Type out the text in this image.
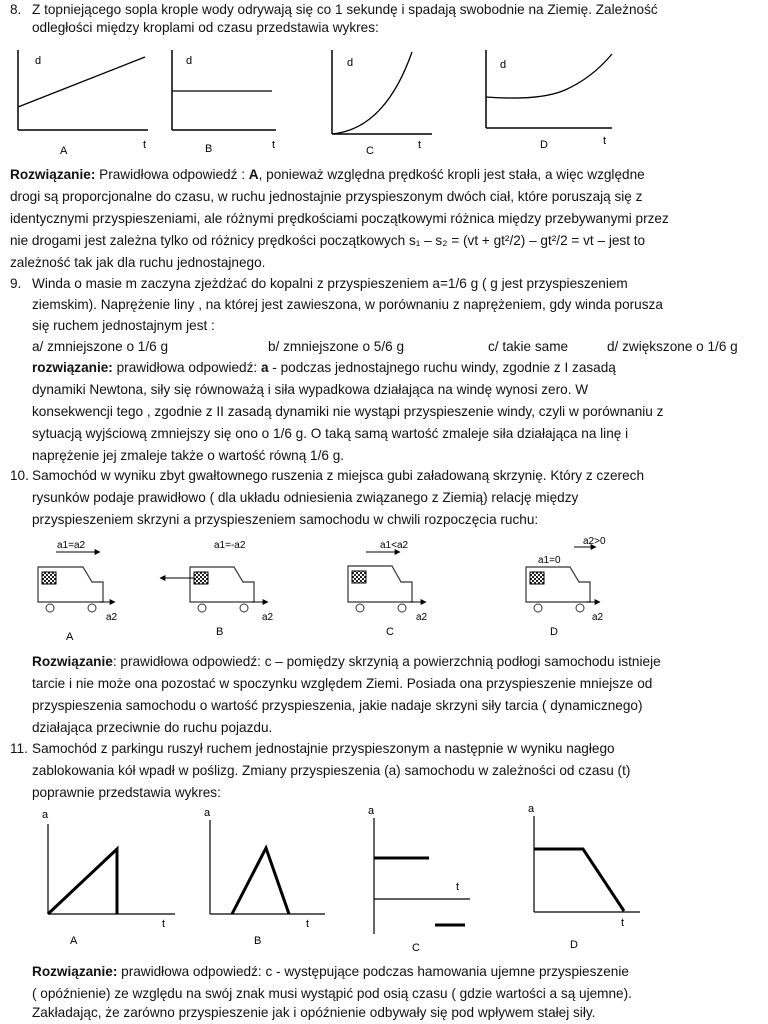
8. Z topniejącego sopla krople wody odrywają się co 1 sekundę i spadają swobodnie na Ziemię. Zależność
odległości między kroplami od czasu przedstawia wykres:
d
t
A
d
t
B
d
t
C
d
t
D
Rozwiązanie: Prawidłowa odpowiedź : A, ponieważ względna prędkość kropli jest stała, a więc względne
drogi są proporcjonalne do czasu, w ruchu jednostajnie przyspieszonym dwóch ciał, które poruszają się z
identycznymi przyspieszeniami, ale różnymi prędkościami początkowymi różnica między przebywanymi przez
nie drogami jest zależna tylko od różnicy prędkości początkowych s₁ – s₂ = (vt + gt²/2) – gt²/2 = vt – jest to
zależność tak jak dla ruchu jednostajnego.
9. Winda o masie m zaczyna zjeżdżać do kopalni z przyspieszeniem a=1/6 g ( g jest przyspieszeniem
ziemskim). Naprężenie liny , na której jest zawieszona, w porównaniu z naprężeniem, gdy winda porusza
się ruchem jednostajnym jest :
a/ zmniejszone o 1/6 g	b/ zmniejszone o 5/6 g	c/ takie same	d/ zwiększone o 1/6 g
rozwiązanie: prawidłowa odpowiedź: a - podczas jednostajnego ruchu windy, zgodnie z I zasadą
dynamiki Newtona, siły się równoważą i siła wypadkowa działająca na windę wynosi zero. W
konsekwencji tego , zgodnie z II zasadą dynamiki nie wystąpi przyspieszenie windy, czyli w porównaniu z
sytuacją wyjściową zmniejszy się ono o 1/6 g. O taką samą wartość zmaleje siła działająca na linę i
naprężenie jej zmaleje także o wartość równą 1/6 g.
10. Samochód w wyniku zbyt gwałtownego ruszenia z miejsca gubi załadowaną skrzynię. Który z czerech
rysunków podaje prawidłowo ( dla układu odniesienia związanego z Ziemią) relację między
przyspieszeniem skrzyni a przyspieszeniem samochodu w chwili rozpoczęcia ruchu:
a1=a2
a2
A
a1=-a2
a2
B
a1<a2
a2
C
a2>0
a1=0
a2
D
Rozwiązanie: prawidłowa odpowiedź: c – pomiędzy skrzynią a powierzchnią podłogi samochodu istnieje
tarcie i nie może ona pozostać w spoczynku względem Ziemi. Posiada ona przyspieszenie mniejsze od
przyspieszenia samochodu o wartość przyspieszenia, jakie nadaje skrzyni siły tarcia ( dynamicznego)
działająca przeciwnie do ruchu pojazdu.
11. Samochód z parkingu ruszył ruchem jednostajnie przyspieszonym a następnie w wyniku nagłego
zablokowania kół wpadł w poślizg. Zmiany przyspieszenia (a) samochodu w zależności od czasu (t)
poprawnie przedstawia wykres:
a
t
A
a
t
B
a
t
C
a
t
D
Rozwiązanie: prawidłowa odpowiedź: c - występujące podczas hamowania ujemne przyspieszenie
( opóźnienie) ze względu na swój znak musi wystąpić pod osią czasu ( gdzie wartości a są ujemne).
Zakładając, że zarówno przyspieszenie jak i opóźnienie odbywały się pod wpływem stałej siły.
